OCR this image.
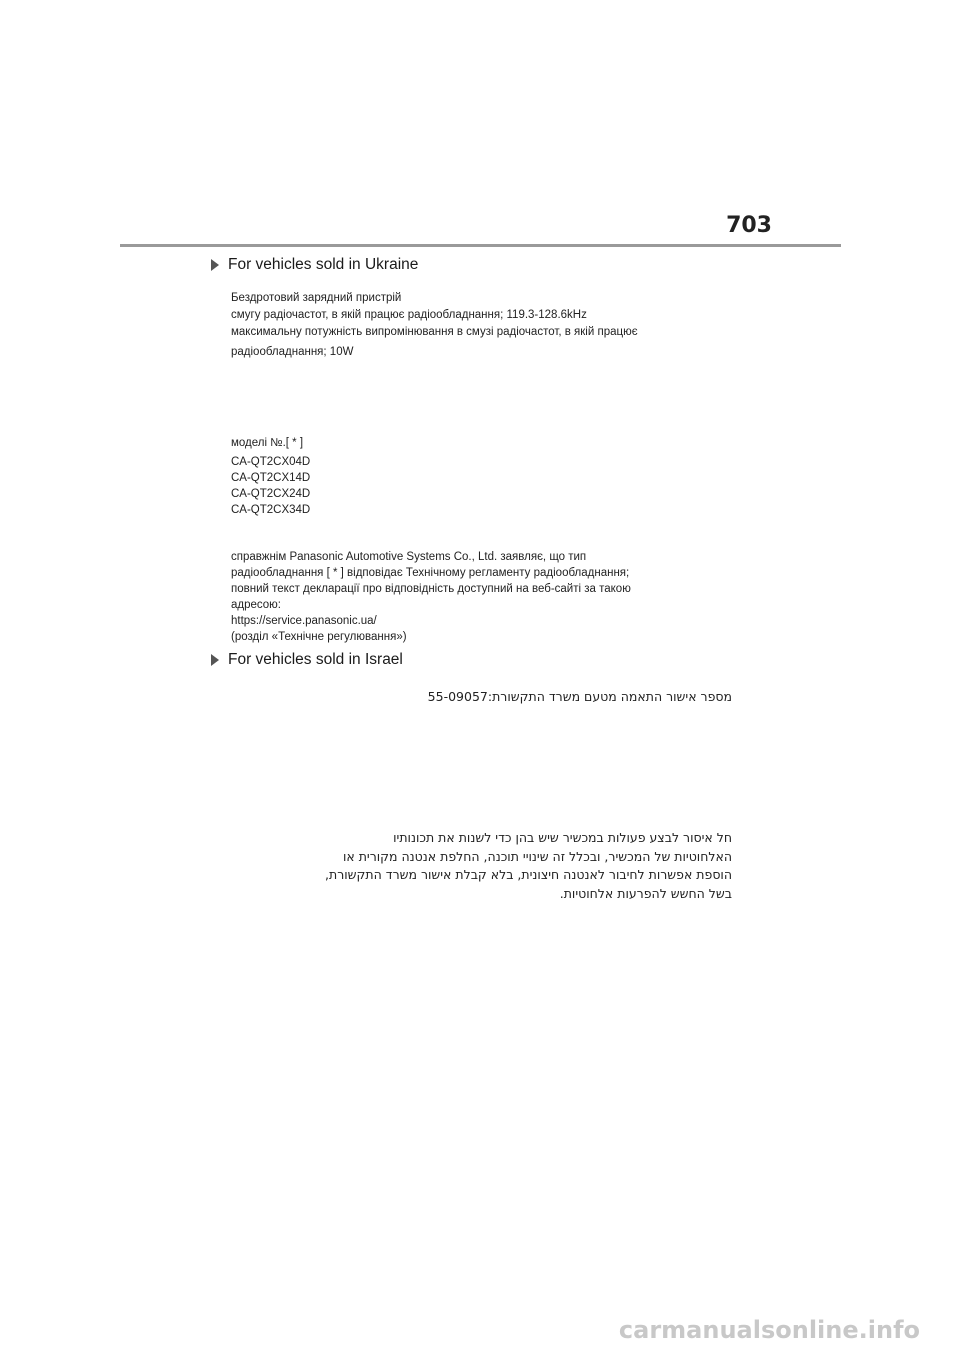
703
For vehicles sold in Ukraine
Бездротовий зарядний пристрій
смугу радіочастот, в якій працює радіообладнання; 119.3-128.6kHz
максимальну потужність випромінювання в смузі радіочастот, в якій працює
радіообладнання; 10W
моделі №.[ * ]
CA-QT2CX04D
CA-QT2CX14D
CA-QT2CX24D
CA-QT2CX34D
справжнім Panasonic Automotive Systems Co., Ltd. заявляє, що тип
радіообладнання [ * ] відповідає Технічному регламенту радіообладнання;
повний текст декларації про відповідність доступний на веб-сайті за такою
адресою:
https://service.panasonic.ua/
(розділ «Технічне регулювання»)
For vehicles sold in Israel
מספר אישור התאמה מטעם משרד התקשורת:55-09057
חל איסור לבצע פעולות במכשיר שיש בהן כדי לשנות את תכונותיו
האלחוטיות של המכשיר, ובכלל זה שינויי תוכנה, החלפת אנטנה מקורית או
הוספת אפשרות לחיבור לאנטנה חיצונית, בלא קבלת אישור משרד התקשורת,
בשל החשש להפרעות אלחוטיות.
carmanualsonline.info
